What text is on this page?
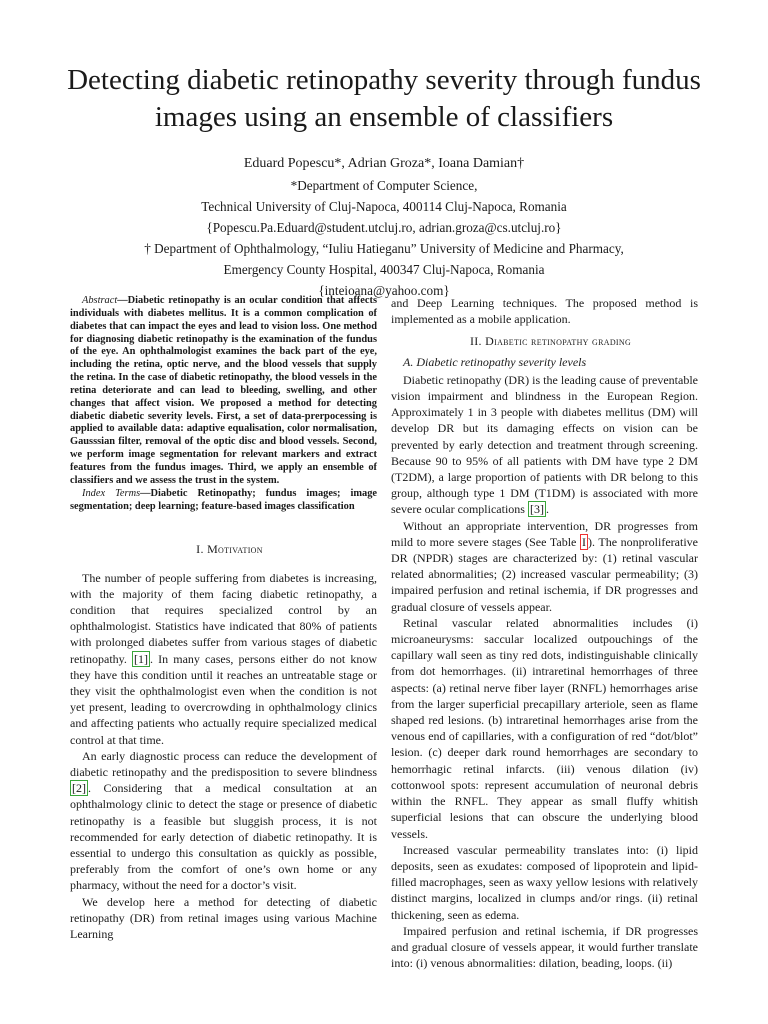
Detecting diabetic retinopathy severity through fundus images using an ensemble of classifiers
Eduard Popescu*, Adrian Groza*, Ioana Damian†
*Department of Computer Science,
Technical University of Cluj-Napoca, 400114 Cluj-Napoca, Romania
{Popescu.Pa.Eduard@student.utcluj.ro, adrian.groza@cs.utcluj.ro}
† Department of Ophthalmology, “Iuliu Hatieganu” University of Medicine and Pharmacy,
Emergency County Hospital, 400347 Cluj-Napoca, Romania
{inteioana@yahoo.com}

Abstract—Diabetic retinopathy is an ocular condition that affects individuals with diabetes mellitus. It is a common complication of diabetes that can impact the eyes and lead to vision loss. One method for diagnosing diabetic retinopathy is the examination of the fundus of the eye. An ophthalmologist examines the back part of the eye, including the retina, optic nerve, and the blood vessels that supply the retina. In the case of diabetic retinopathy, the blood vessels in the retina deteriorate and can lead to bleeding, swelling, and other changes that affect vision. We proposed a method for detecting diabetic diabetic severity levels. First, a set of data-prerpocessing is applied to available data: adaptive equalisation, color normalisation, Gausssian filter, removal of the optic disc and blood vessels. Second, we perform image segmentation for relevant markers and extract features from the fundus images. Third, we apply an ensemble of classifiers and we assess the trust in the system.

Index Terms—Diabetic Retinopathy; fundus images; image segmentation; deep learning; feature-based images classification

I. Motivation

The number of people suffering from diabetes is increasing, with the majority of them facing diabetic retinopathy, a condition that requires specialized control by an ophthalmologist. Statistics have indicated that 80% of patients with prolonged diabetes suffer from various stages of diabetic retinopathy. [1] . In many cases, persons either do not know they have this condition until it reaches an untreatable stage or they visit the ophthalmologist even when the condition is not yet present, leading to overcrowding in ophthalmology clinics and affecting patients who actually require specialized medical control at that time.

An early diagnostic process can reduce the development of diabetic retinopathy and the predisposition to severe blindness [2] . Considering that a medical consultation at an ophthalmology clinic to detect the stage or presence of diabetic retinopathy is a feasible but sluggish process, it is not recommended for early detection of diabetic retinopathy. It is essential to undergo this consultation as quickly as possible, preferably from the comfort of one’s own home or any pharmacy, without the need for a doctor’s visit.

We develop here a method for detecting of diabetic retinopathy (DR) from retinal images using various Machine Learning

and Deep Learning techniques. The proposed method is implemented as a mobile application.

II. Diabetic retinopathy grading

A. Diabetic retinopathy severity levels

Diabetic retinopathy (DR) is the leading cause of preventable vision impairment and blindness in the European Region. Approximately 1 in 3 people with diabetes mellitus (DM) will develop DR but its damaging effects on vision can be prevented by early detection and treatment through screening. Because 90 to 95% of all patients with DM have type 2 DM (T2DM), a large proportion of patients with DR belong to this group, although type 1 DM (T1DM) is associated with more severe ocular complications [3] .

Without an appropriate intervention, DR progresses from mild to more severe stages (See Table I ). The nonproliferative DR (NPDR) stages are characterized by: (1) retinal vascular related abnormalities; (2) increased vascular permeability; (3) impaired perfusion and retinal ischemia, if DR progresses and gradual closure of vessels appear.

Retinal vascular related abnormalities includes (i) microaneurysms: saccular localized outpouchings of the capillary wall seen as tiny red dots, indistinguishable clinically from dot hemorrhages. (ii) intraretinal hemorrhages of three aspects: (a) retinal nerve fiber layer (RNFL) hemorrhages arise from the larger superficial precapillary arteriole, seen as flame shaped red lesions. (b) intraretinal hemorrhages arise from the venous end of capillaries, with a configuration of red “dot/blot” lesion. (c) deeper dark round hemorrhages are secondary to hemorrhagic retinal infarcts. (iii) venous dilation (iv) cottonwool spots: represent accumulation of neuronal debris within the RNFL. They appear as small fluffy whitish superficial lesions that can obscure the underlying blood vessels.

Increased vascular permeability translates into: (i) lipid deposits, seen as exudates: composed of lipoprotein and lipid-filled macrophages, seen as waxy yellow lesions with relatively distinct margins, localized in clumps and/or rings. (ii) retinal thickening, seen as edema.

Impaired perfusion and retinal ischemia, if DR progresses and gradual closure of vessels appear, it would further translate into: (i) venous abnormalities: dilation, beading, loops. (ii)
